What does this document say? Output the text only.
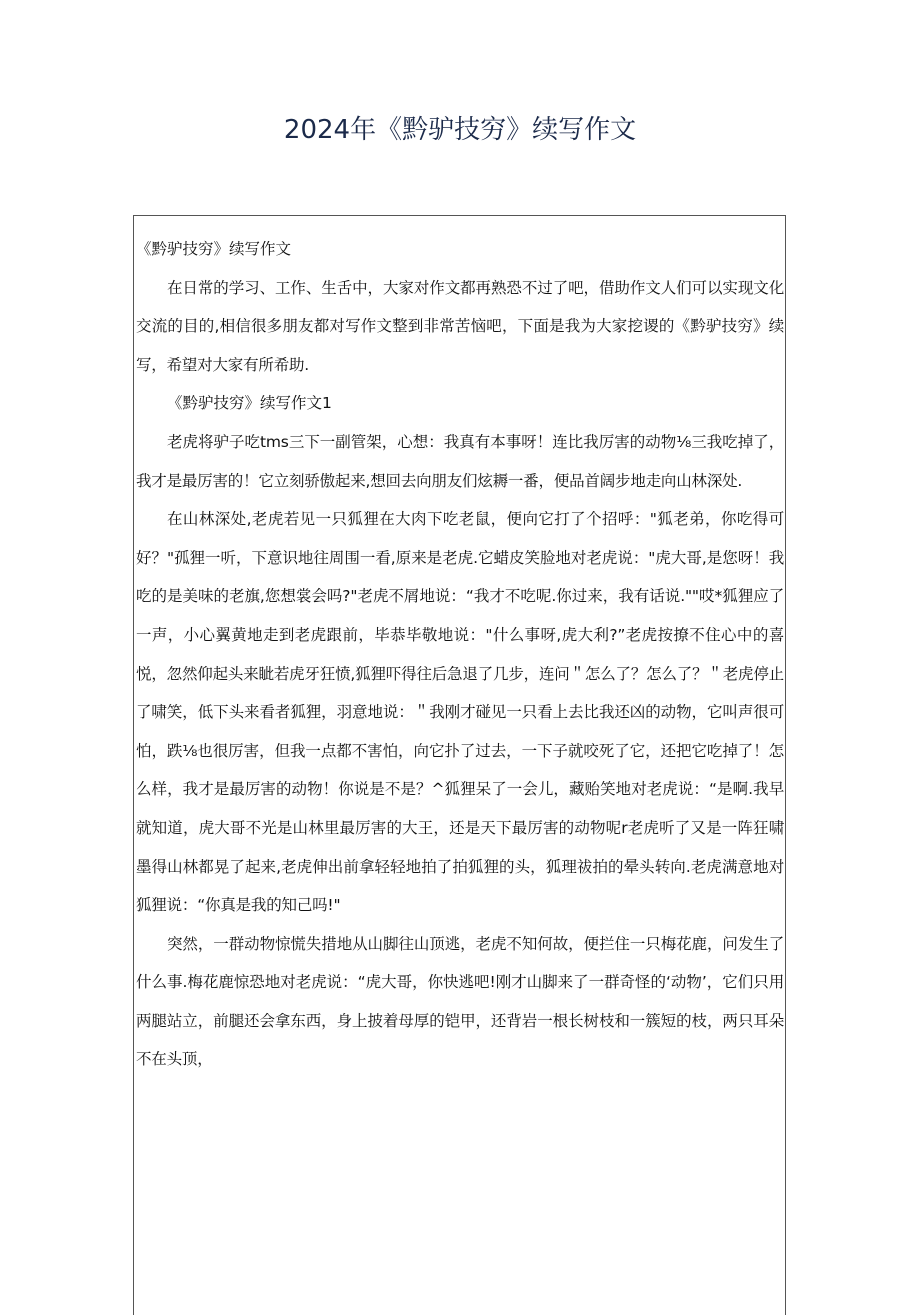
2024年《黔驴技穷》续写作文

《黔驴技穷》续写作文

在日常的学习、工作、生舌中，大家对作文都再熟恐不过了吧，借助作文人们可以实现文化交流的目的,相信很多朋友都对写作文整到非常苦恼吧，下面是我为大家挖谡的《黔驴技穷》续写，希望对大家有所希助.

《黔驴技穷》续写作文1

老虎将驴子吃tms三下一副管架，心想：我真有本事呀！连比我厉害的动物⅛三我吃掉了，我才是最厉害的！它立刻骄傲起来,想回去向朋友们炫耨一番，便品首阔步地走向山林深处.

在山林深处,老虎若见一只狐狸在大肉下吃老鼠，便向它打了个招呼："狐老弟，你吃得可好？"孤狸一听，下意识地往周围一看,原来是老虎.它蜡皮笑脸地对老虎说："虎大哥,是您呀！我吃的是美味的老旗,您想裳会吗?"老虎不屑地说：“我才不吃呢.你过来，我有话说.""哎*狐狸应了一声，小心翼黄地走到老虎跟前，毕恭毕敬地说："什么事呀,虎大利?”老虎按撩不住心中的喜悦，忽然仰起头来眦若虎牙狂愤,狐狸吓得往后急退了几步，连问＂怎么了？怎么了？＂老虎停止了啸笑，低下头来看者狐狸，羽意地说：＂我刚才碰见一只看上去比我还凶的动物，它叫声很可怕，跌⅛也很厉害，但我一点都不害怕，向它扑了过去，一下子就咬死了它，还把它吃掉了！怎么样，我才是最厉害的动物！你说是不是？^狐狸呆了一会儿，藏贻笑地对老虎说：“是啊.我早就知道，虎大哥不光是山林里最厉害的大王，还是天下最厉害的动物呢r老虎听了又是一阵狂啸墨得山林都晃了起来,老虎伸出前拿轻轻地拍了拍狐狸的头，狐理祓拍的晕头转向.老虎满意地对狐狸说：“你真是我的知己吗!"

突然，一群动物惊慌失措地从山脚往山顶逃，老虎不知何故，便拦住一只梅花鹿，问发生了什么事.梅花鹿惊恐地对老虎说：“虎大哥，你快逃吧!刚才山脚来了一群奇怪的‘动物’，它们只用两腿站立，前腿还会拿东西，身上披着母厚的铠甲，还背岩一根长树枝和一簇短的枝，两只耳朵不在头顶，
